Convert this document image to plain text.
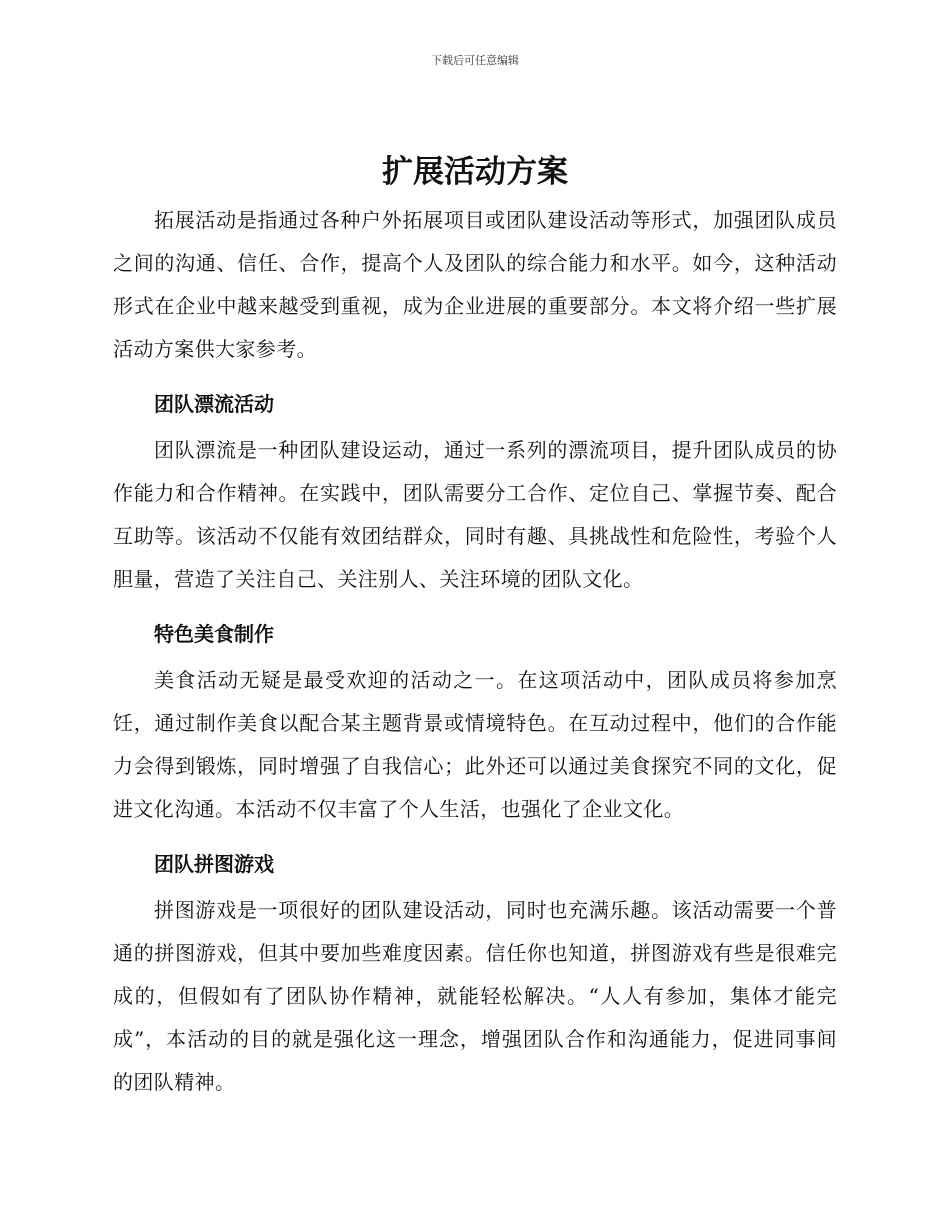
下载后可任意编辑
扩展活动方案

拓展活动是指通过各种户外拓展项目或团队建设活动等形式，加强团队成员之间的沟通、信任、合作，提高个人及团队的综合能力和水平。如今，这种活动形式在企业中越来越受到重视，成为企业进展的重要部分。本文将介绍一些扩展活动方案供大家参考。

团队漂流活动

团队漂流是一种团队建设运动，通过一系列的漂流项目，提升团队成员的协作能力和合作精神。在实践中，团队需要分工合作、定位自己、掌握节奏、配合互助等。该活动不仅能有效团结群众，同时有趣、具挑战性和危险性，考验个人胆量，营造了关注自己、关注别人、关注环境的团队文化。

特色美食制作

美食活动无疑是最受欢迎的活动之一。在这项活动中，团队成员将参加烹饪，通过制作美食以配合某主题背景或情境特色。在互动过程中，他们的合作能力会得到锻炼，同时增强了自我信心；此外还可以通过美食探究不同的文化，促进文化沟通。本活动不仅丰富了个人生活，也强化了企业文化。

团队拼图游戏

拼图游戏是一项很好的团队建设活动，同时也充满乐趣。该活动需要一个普通的拼图游戏，但其中要加些难度因素。信任你也知道，拼图游戏有些是很难完成的，但假如有了团队协作精神，就能轻松解决。“人人有参加，集体才能完成”，本活动的目的就是强化这一理念，增强团队合作和沟通能力，促进同事间的团队精神。
